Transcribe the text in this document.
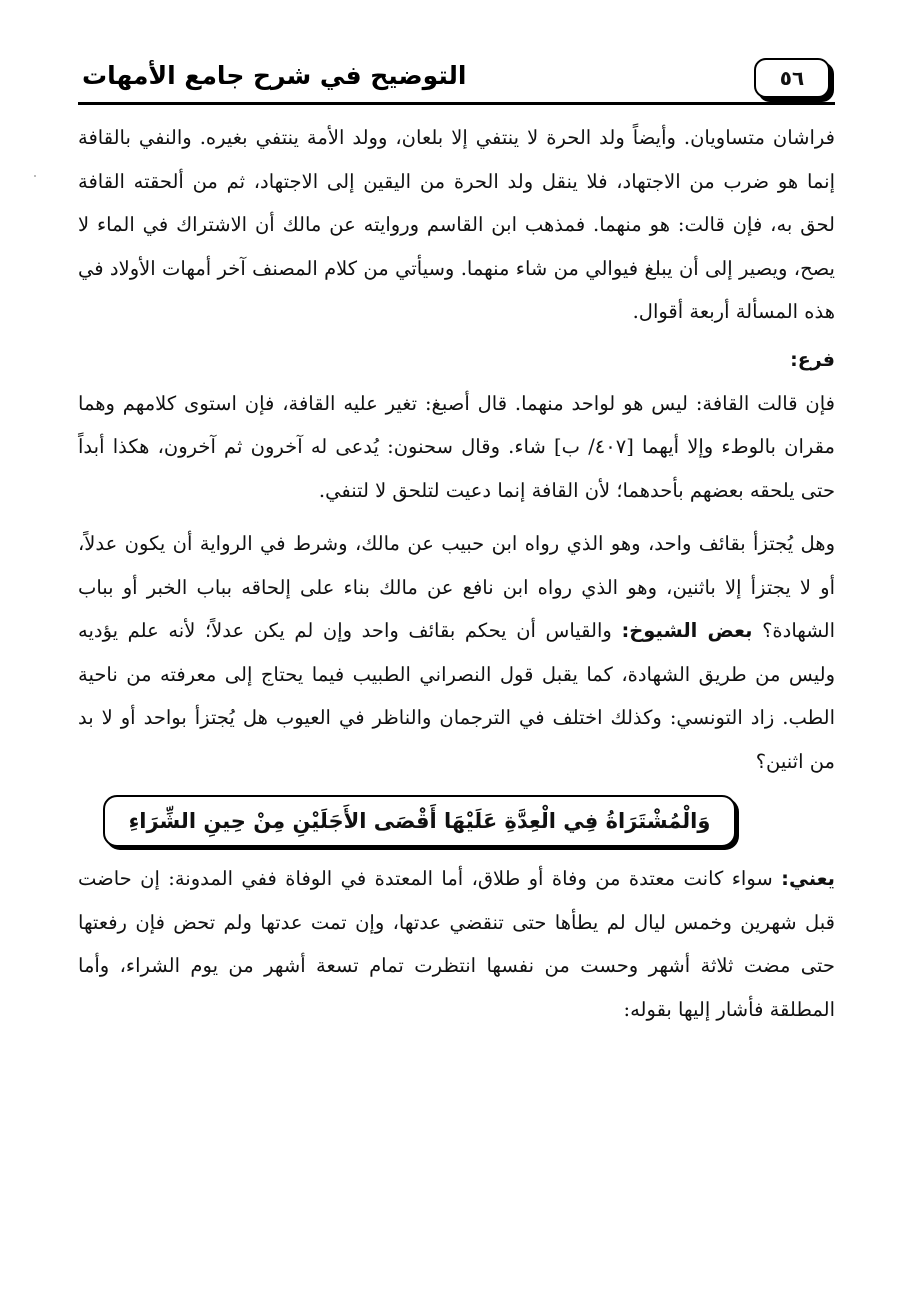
التوضيح في شرح جامع الأمهات	٥٦

فراشان متساويان. وأيضاً ولد الحرة لا ينتفي إلا بلعان، وولد الأمة ينتفي بغيره. والنفي بالقافة إنما هو ضرب من الاجتهاد، فلا ينقل ولد الحرة من اليقين إلى الاجتهاد، ثم من ألحقته القافة لحق به، فإن قالت: هو منهما. فمذهب ابن القاسم وروايته عن مالك أن الاشتراك في الماء لا يصح، ويصير إلى أن يبلغ فيوالي من شاء منهما. وسيأتي من كلام المصنف آخر أمهات الأولاد في هذه المسألة أربعة أقوال.

فرع:

فإن قالت القافة: ليس هو لواحد منهما. قال أصبغ: تغير عليه القافة، فإن استوى كلامهم وهما مقران بالوطء وإلا أيهما [٤٠٧/ ب] شاء. وقال سحنون: يُدعى له آخرون ثم آخرون، هكذا أبداً حتى يلحقه بعضهم بأحدهما؛ لأن القافة إنما دعيت لتلحق لا لتنفي.

وهل يُجتزأ بقائف واحد، وهو الذي رواه ابن حبيب عن مالك، وشرط في الرواية أن يكون عدلاً، أو لا يجتزأ إلا باثنين، وهو الذي رواه ابن نافع عن مالك بناء على إلحاقه بباب الخبر أو بباب الشهادة؟ بعض الشيوخ: والقياس أن يحكم بقائف واحد وإن لم يكن عدلاً؛ لأنه علم يؤديه وليس من طريق الشهادة، كما يقبل قول النصراني الطبيب فيما يحتاج إلى معرفته من ناحية الطب. زاد التونسي: وكذلك اختلف في الترجمان والناظر في العيوب هل يُجتزأ بواحد أو لا بد من اثنين؟

وَالْمُشْتَرَاةُ فِي الْعِدَّةِ عَلَيْهَا أَقْصَى الأَجَلَيْنِ مِنْ حِينِ الشِّرَاءِ

يعني: سواء كانت معتدة من وفاة أو طلاق، أما المعتدة في الوفاة ففي المدونة: إن حاضت قبل شهرين وخمس ليال لم يطأها حتى تنقضي عدتها، وإن تمت عدتها ولم تحض فإن رفعتها حتى مضت ثلاثة أشهر وحست من نفسها انتظرت تمام تسعة أشهر من يوم الشراء، وأما المطلقة فأشار إليها بقوله:
